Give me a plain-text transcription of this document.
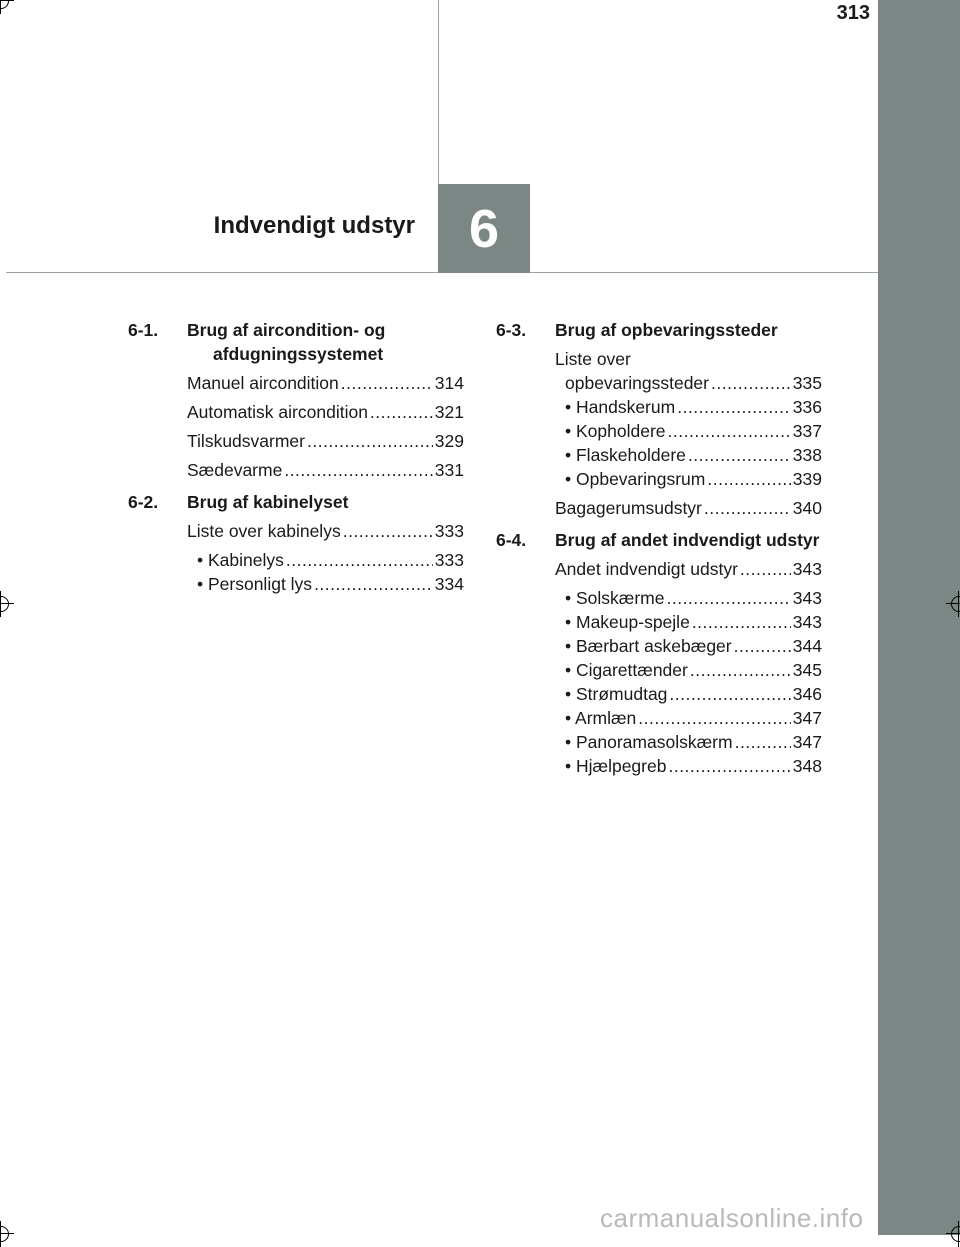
313
6
Indvendigt udstyr
6-1. Brug af aircondition- og afdugningssystemet
Manuel aircondition .....	314
Automatisk aircondition .....	321
Tilskudsvarmer .....	329
Sædevarme .....	331
6-2. Brug af kabinelyset
Liste over kabinelys .....	333
• Kabinelys .....	333
• Personligt lys .....	334
6-3. Brug af opbevaringssteder
Liste over
opbevaringssteder .....	335
• Handskerum .....	336
• Kopholdere .....	337
• Flaskeholdere .....	338
• Opbevaringsrum .....	339
Bagagerumsudstyr .....	340
6-4. Brug af andet indvendigt udstyr
Andet indvendigt udstyr .....	343
• Solskærme .....	343
• Makeup-spejle .....	343
• Bærbart askebæger .....	344
• Cigarettænder .....	345
• Strømudtag .....	346
• Armlæn .....	347
• Panoramasolskærm .....	347
• Hjælpegreb .....	348
carmanualsonline.info
